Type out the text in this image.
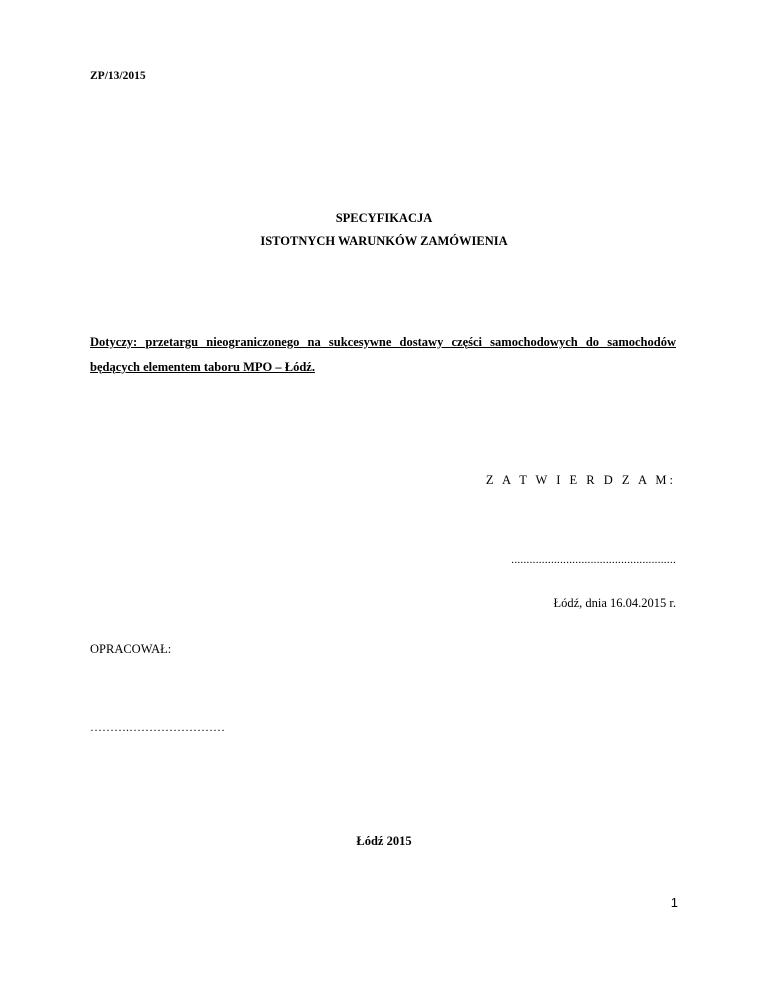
ZP/13/2015
SPECYFIKACJA
ISTOTNYCH WARUNKÓW ZAMÓWIENIA
Dotyczy: przetargu nieograniczonego na sukcesywne dostawy części samochodowych do samochodów będących elementem taboru MPO – Łódź.
Z A T W I E R D Z A M:
......................................................
Łódź, dnia 16.04.2015 r.
OPRACOWAŁ:
……….……………………
Łódź 2015
1
